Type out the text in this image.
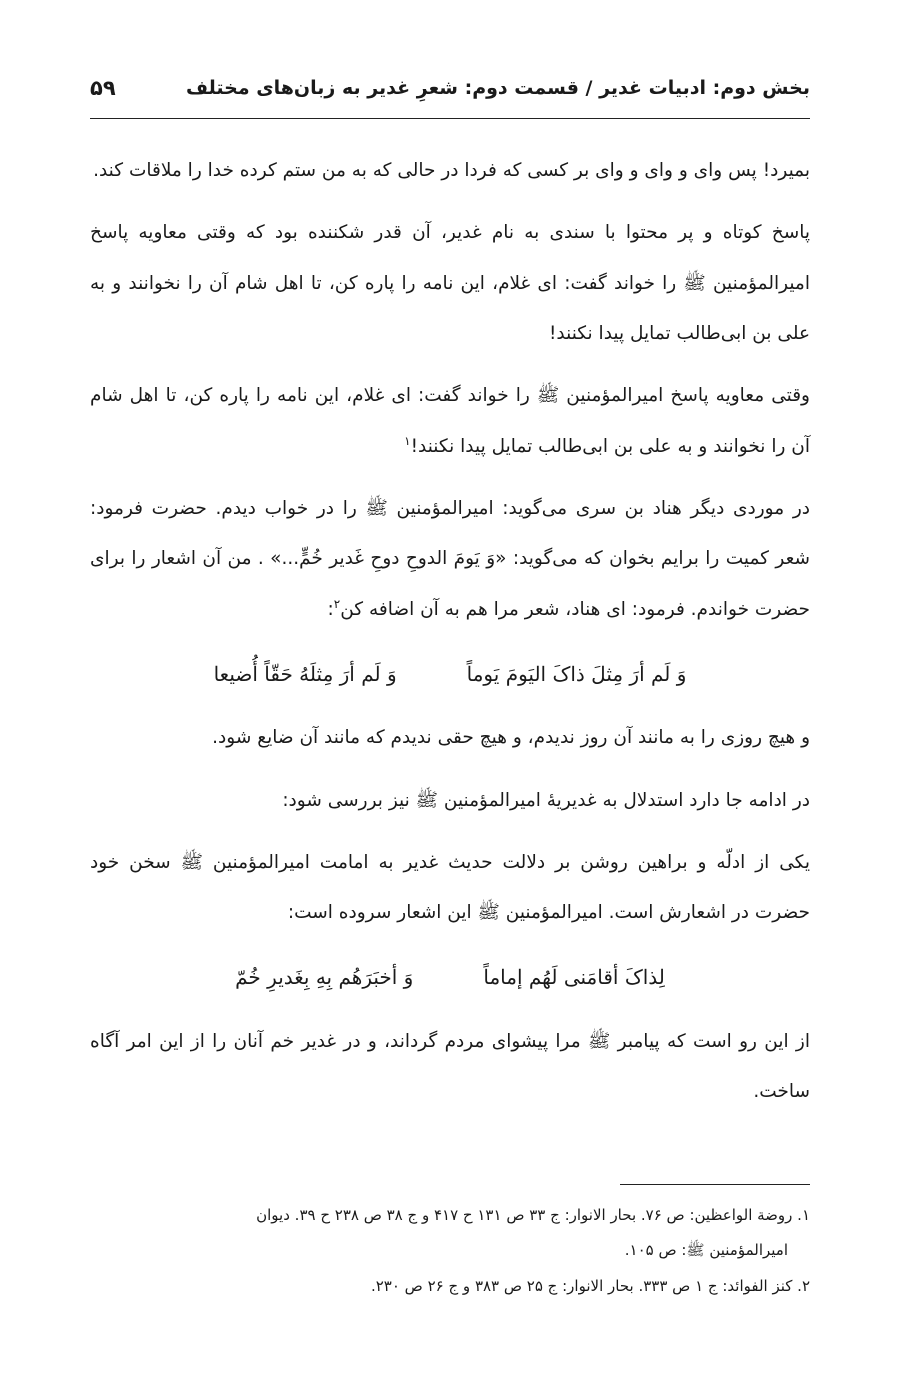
بخش دوم: ادبیات غدیر / قسمت دوم: شعرِ غدیر به زبان‌های مختلف
۵۹

بمیرد! پس وای و وای و وای بر کسی که فردا در حالی که به من ستم کرده خدا را ملاقات کند.

پاسخ کوتاه و پر محتوا با سندی به نام غدیر، آن قدر شکننده بود که وقتی معاویه پاسخ امیرالمؤمنین ﷺ را خواند گفت: ای غلام، این نامه را پاره کن، تا اهل شام آن را نخوانند و به علی بن ابی‌طالب تمایل پیدا نکنند!

وقتی معاویه پاسخ امیرالمؤمنین ﷺ را خواند گفت: ای غلام، این نامه را پاره کن، تا اهل شام آن را نخوانند و به علی بن ابی‌طالب تمایل پیدا نکنند!$^۱$

در موردی دیگر هناد بن سری می‌گوید: امیرالمؤمنین ﷺ را در خواب دیدم. حضرت فرمود: شعر کمیت را برایم بخوان که می‌گوید: «وَ یَومَ الدوحِ دوحِ غَدیر خُمٍّ...» . من آن اشعار را برای حضرت خواندم. فرمود: ای هناد، شعر مرا هم به آن اضافه کن$^۲$:

وَ لَم أرَ مِثلَ ذاکَ الیَومَ یَوماً
وَ لَم أرَ مِثلَهُ حَقّاً أُضیعا

و هیچ روزی را به مانند آن روز ندیدم، و هیچ حقی ندیدم که مانند آن ضایع شود.

در ادامه جا دارد استدلال به غدیریهٔ امیرالمؤمنین ﷺ نیز بررسی شود:

یکی از ادلّه و براهین روشن بر دلالت حدیث غدیر به امامت امیرالمؤمنین ﷺ سخن خود حضرت در اشعارش است. امیرالمؤمنین ﷺ این اشعار سروده است:

لِذاکَ أقامَنی لَهُم إماماً
وَ أخبَرَهُم بِهِ بِغَدیرِ خُمّ

از این رو است که پیامبر ﷺ مرا پیشوای مردم گرداند، و در غدیر خم آنان را از این امر آگاه ساخت.

۱. روضة الواعظین: ص ۷۶. بحار الانوار: ج ۳۳ ص ۱۳۱ ح ۴۱۷ و ج ۳۸ ص ۲۳۸ ح ۳۹. دیوان

امیرالمؤمنین ﷺ: ص ۱۰۵.

۲. کنز الفوائد: ج ۱ ص ۳۳۳. بحار الانوار: ج ۲۵ ص ۳۸۳ و ج ۲۶ ص ۲۳۰.
